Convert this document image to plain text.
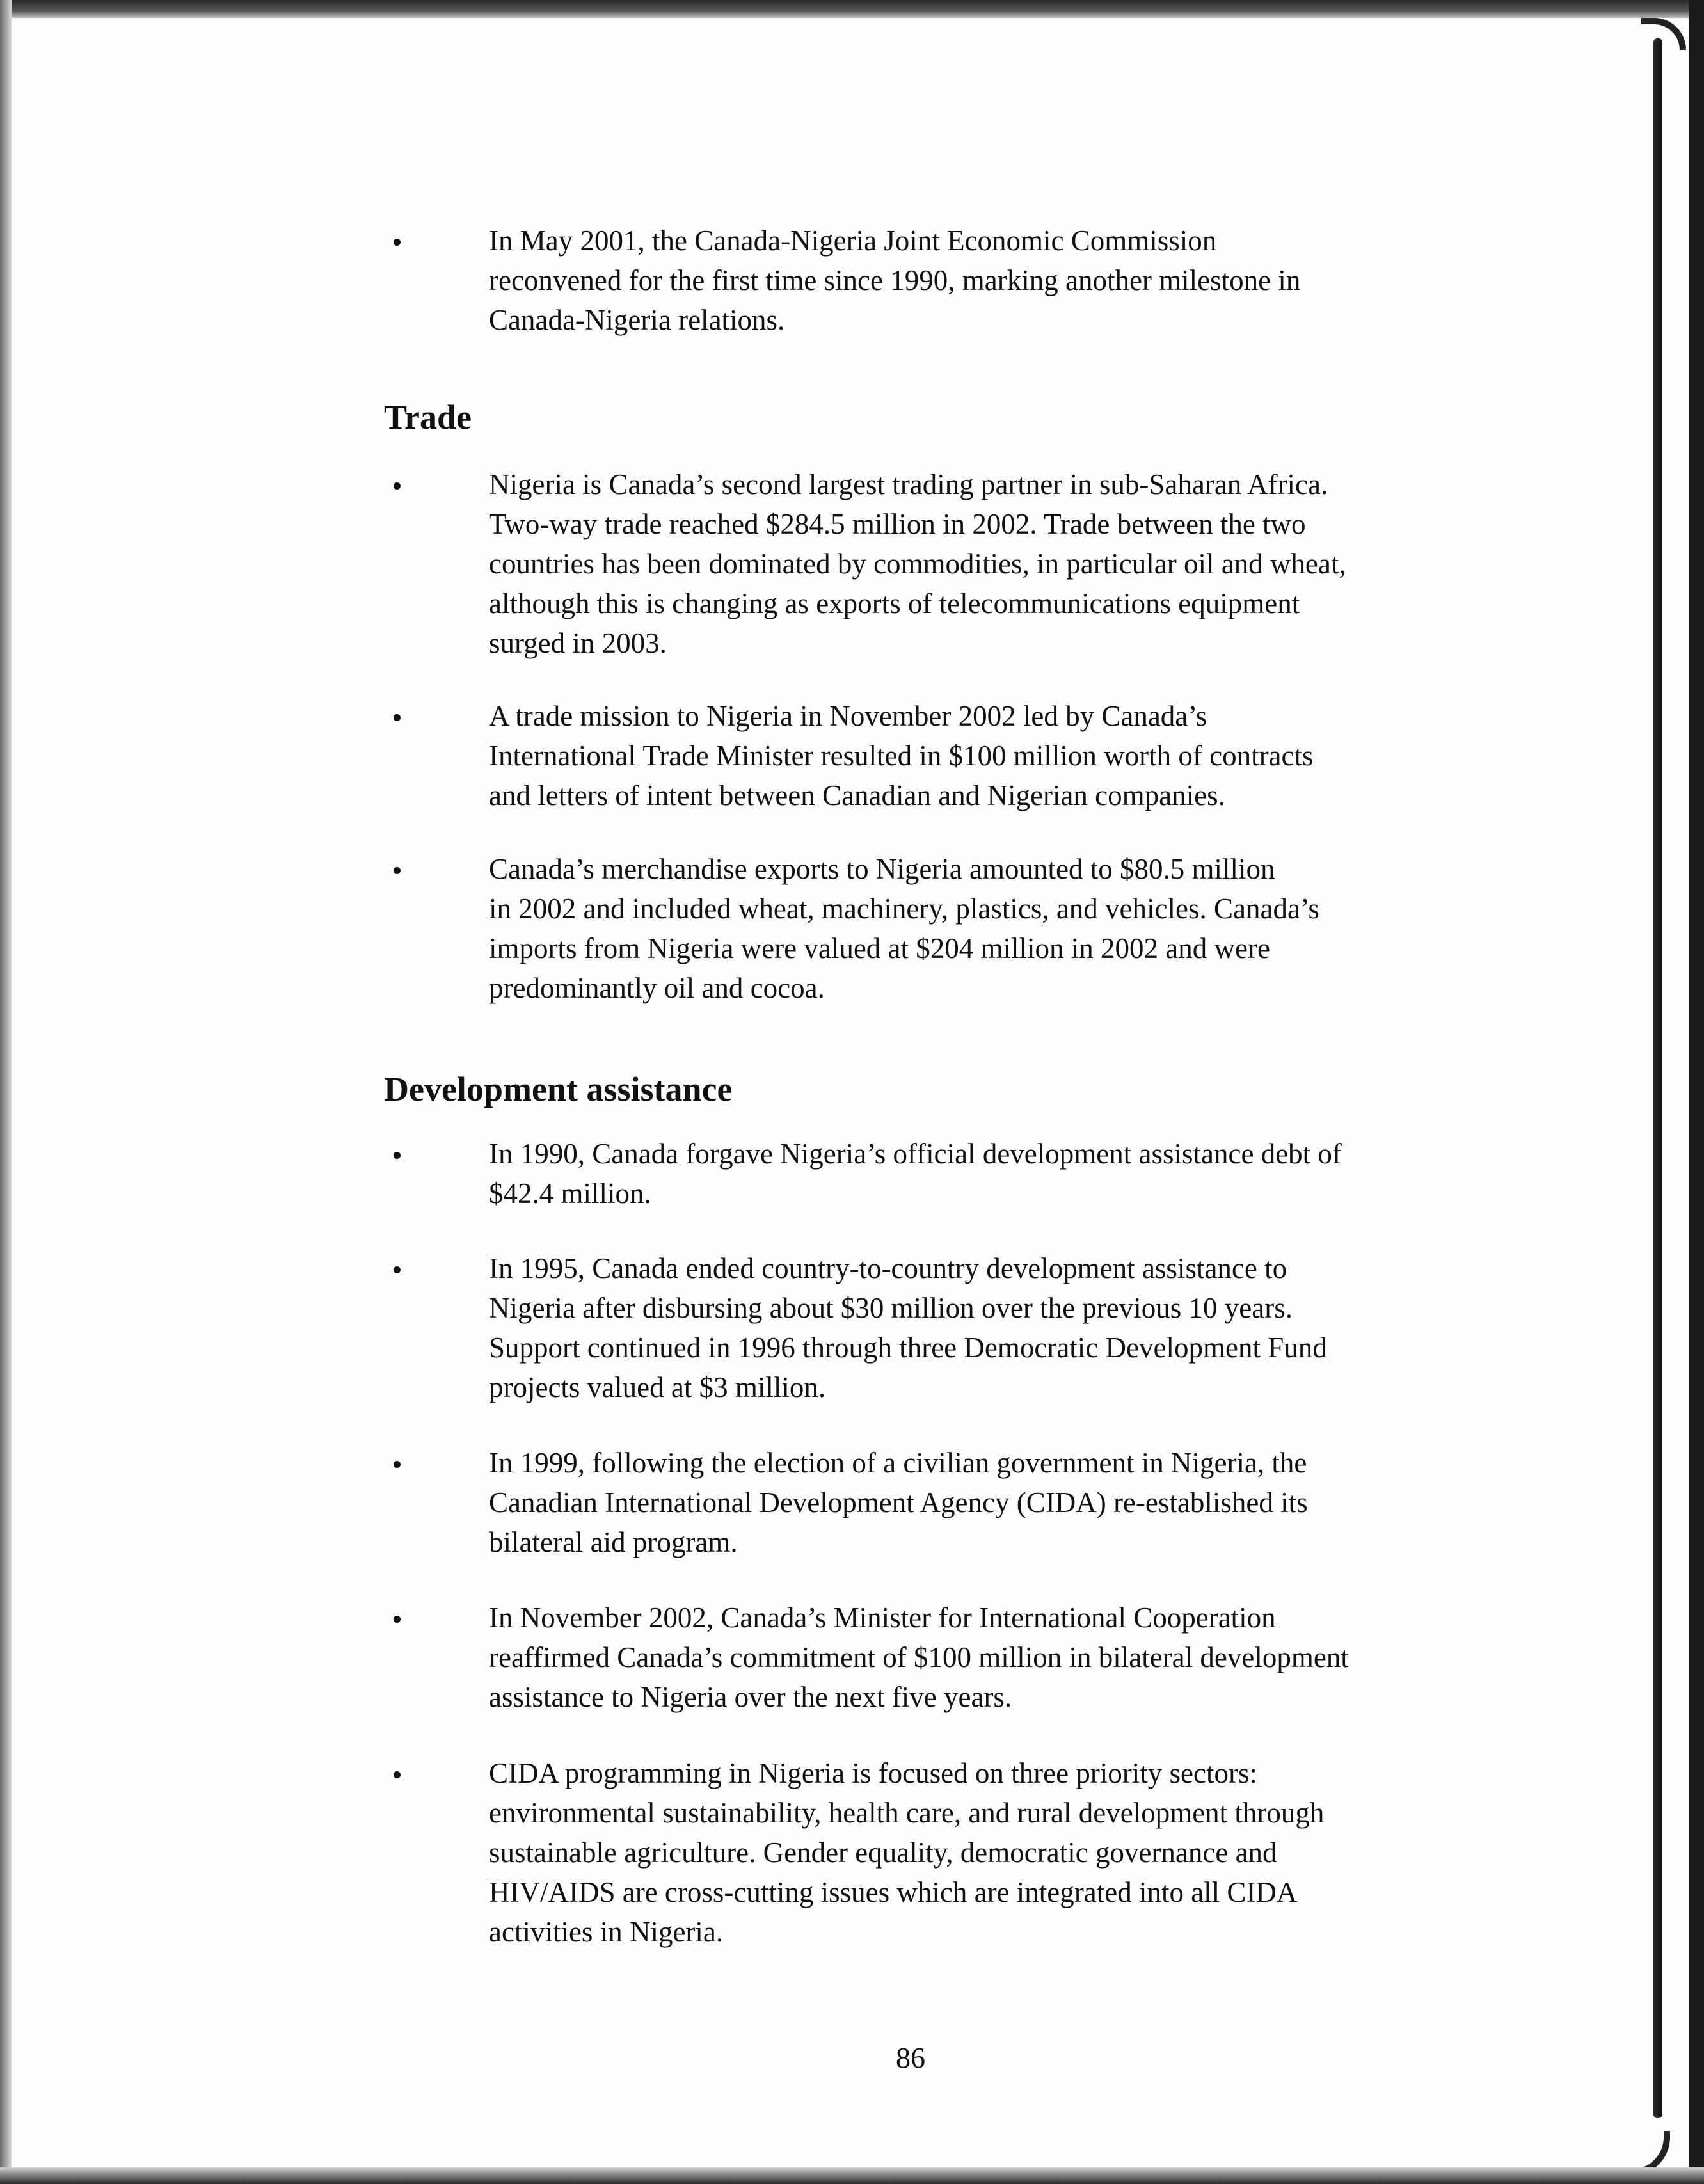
In May 2001, the Canada-Nigeria Joint Economic Commission
reconvened for the first time since 1990, marking another milestone in
Canada-Nigeria relations.
Trade
Nigeria is Canada’s second largest trading partner in sub-Saharan Africa.
Two-way trade reached $284.5 million in 2002. Trade between the two
countries has been dominated by commodities, in particular oil and wheat,
although this is changing as exports of telecommunications equipment
surged in 2003.
A trade mission to Nigeria in November 2002 led by Canada’s
International Trade Minister resulted in $100 million worth of contracts
and letters of intent between Canadian and Nigerian companies.
Canada’s merchandise exports to Nigeria amounted to $80.5 million
in 2002 and included wheat, machinery, plastics, and vehicles. Canada’s
imports from Nigeria were valued at $204 million in 2002 and were
predominantly oil and cocoa.
Development assistance
In 1990, Canada forgave Nigeria’s official development assistance debt of
$42.4 million.
In 1995, Canada ended country-to-country development assistance to
Nigeria after disbursing about $30 million over the previous 10 years.
Support continued in 1996 through three Democratic Development Fund
projects valued at $3 million.
In 1999, following the election of a civilian government in Nigeria, the
Canadian International Development Agency (CIDA) re-established its
bilateral aid program.
In November 2002, Canada’s Minister for International Cooperation
reaffirmed Canada’s commitment of $100 million in bilateral development
assistance to Nigeria over the next five years.
CIDA programming in Nigeria is focused on three priority sectors:
environmental sustainability, health care, and rural development through
sustainable agriculture. Gender equality, democratic governance and
HIV/AIDS are cross-cutting issues which are integrated into all CIDA
activities in Nigeria.
86
